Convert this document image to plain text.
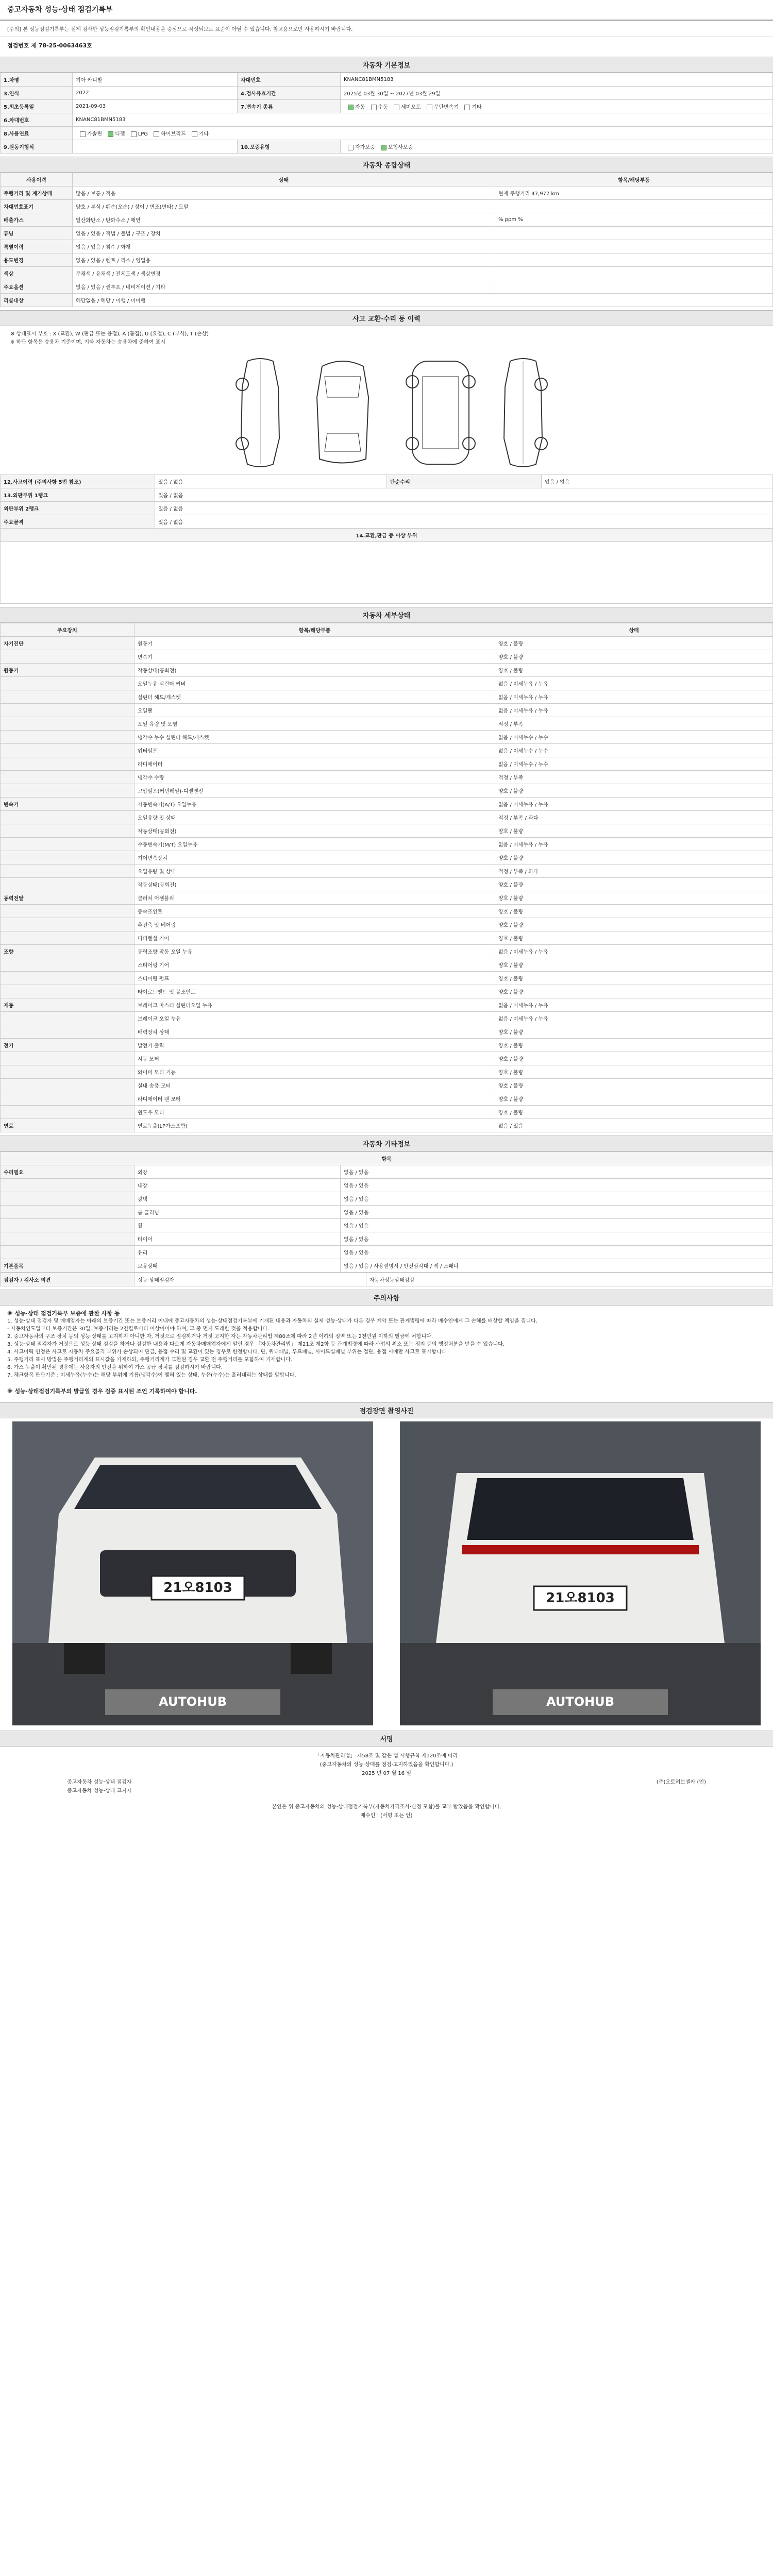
중고자동차 성능·상태 점검기록부
[주의] 본 성능점검기록부는 실제 검사한 성능점검기록부의 확인내용을 중심으로 작성되므로 표준이 아닐 수 있습니다. 참고용으로만 사용하시기 바랍니다.
점검번호 제 78-25-0063463호
자동차 기본정보
1.차명	기아 카니발	차대번호	KNANC81BMN5183
3.연식	2022	4.검사유효기간	2025년 03월 30일 ~ 2027년 03월 29일
5.최초등록일	2021-09-03	7.변속기 종류	자동 수동 세미오토 무단변속기 기타
6.차대번호	KNANC81BMN5183		
8.사용연료	가솔린 디젤 LPG 하이브리드 기타		
9.원동기형식		10.보증유형	자가보증 보험사보증
자동차 종합상태
사용이력	상태	항목/해당부품
주행거리 및 계기상태	많음 / 보통 / 적음	현재 주행거리 47,977 km
차대번호표기	양호 / 부식 / 훼손(오손) / 상이 / 변조(변타) / 도말	
배출가스	일산화탄소 / 탄화수소 / 매연	% ppm %
튜닝	없음 / 있음 / 적법 / 불법 / 구조 / 장치	
특별이력	없음 / 있음 / 침수 / 화재	
용도변경	없음 / 있음 / 렌트 / 리스 / 영업용	
색상	무채색 / 유채색 / 전체도색 / 색상변경	
주요옵션	없음 / 있음 / 썬루프 / 네비게이션 / 기타	
리콜대상	해당없음 / 해당 / 이행 / 미이행	
사고 교환·수리 등 이력
※ 상태표시 부호 : X (교환), W (판금 또는 용접), A (흠집), U (요철), C (부식), T (손상)
※ 하단 항목은 승용차 기준이며, 기타 자동차는 승용차에 준하여 표시
12.사고이력 (주의사항 5번 참조)	있음 / 없음	단순수리	있음 / 없음
13.외판부위 1랭크	있음 / 없음		
외판부위 2랭크	있음 / 없음		
주요골격	있음 / 없음		
14.교환,판금 등 이상 부위			

자동차 세부상태
주요장치	항목/해당부품	상태
자기진단	원동기	양호 / 불량
	변속기	양호 / 불량
원동기	작동상태(공회전)	양호 / 불량
	오일누유 실린더 커버	없음 / 미세누유 / 누유
	실린더 헤드/개스켓	없음 / 미세누유 / 누유
	오일팬	없음 / 미세누유 / 누유
	오일 유량 및 오염	적정 / 부족
	냉각수 누수 실린더 헤드/개스켓	없음 / 미세누수 / 누수
	워터펌프	없음 / 미세누수 / 누수
	라디에이터	없음 / 미세누수 / 누수
	냉각수 수량	적정 / 부족
	고압펌프(커먼레일)-디젤엔진	양호 / 불량
변속기	자동변속기(A/T) 오일누유	없음 / 미세누유 / 누유
	오일유량 및 상태	적정 / 부족 / 과다
	작동상태(공회전)	양호 / 불량
	수동변속기(M/T) 오일누유	없음 / 미세누유 / 누유
	기어변속장치	양호 / 불량
	오일유량 및 상태	적정 / 부족 / 과다
	작동상태(공회전)	양호 / 불량
동력전달	클러치 어셈블리	양호 / 불량
	등속조인트	양호 / 불량
	추진축 및 베어링	양호 / 불량
	디퍼렌셜 기어	양호 / 불량
조향	동력조향 작동 오일 누유	없음 / 미세누유 / 누유
	스티어링 기어	양호 / 불량
	스티어링 펌프	양호 / 불량
	타이로드엔드 및 볼조인트	양호 / 불량
제동	브레이크 마스터 실린더오일 누유	없음 / 미세누유 / 누유
	브레이크 오일 누유	없음 / 미세누유 / 누유
	배력장치 상태	양호 / 불량
전기	발전기 출력	양호 / 불량
	시동 모터	양호 / 불량
	와이퍼 모터 기능	양호 / 불량
	실내 송풍 모터	양호 / 불량
	라디에이터 팬 모터	양호 / 불량
	윈도우 모터	양호 / 불량
연료	연료누출(LP가스포함)	없음 / 있음
자동차 기타정보
항목		
수리필요	외장	없음 / 있음
	내장	없음 / 있음
	광택	없음 / 있음
	룸 클리닝	없음 / 있음
	휠	없음 / 있음
	타이어	없음 / 있음
	유리	없음 / 있음
기본품목	보유상태	없음 / 있음 / 사용설명서 / 안전삼각대 / 잭 / 스패너
점검자 / 검사소 의견	성능·상태점검자	자동차성능상태점검
주의사항
※ 성능·상태 점검기록부 보증에 관한 사항 등
1. 성능·상태 점검자 및 매매업자는 아래의 보증기간 또는 보증거리 이내에 중고자동차의 성능·상태점검기록부에 기재된 내용과 자동차의 실제 성능·상태가 다른 경우 계약 또는 관계법령에 따라 매수인에게 그 손해를 배상할 책임을 집니다.
- 자동차인도일부터 보증기간은 30일, 보증거리는 2천킬로미터 이상이어야 하며, 그 중 먼저 도래한 것을 적용합니다.
2. 중고자동차의 구조·장치 등의 성능·상태를 고지하지 아니한 자, 거짓으로 점검하거나 거짓 고지한 자는 자동차관리법 제80조에 따라 2년 이하의 징역 또는 2천만원 이하의 벌금에 처합니다.
3. 성능·상태 점검자가 거짓으로 성능·상태 점검을 하거나 점검한 내용과 다르게 자동차매매업자에게 알린 경우 「자동차관리법」 제21조 제2항 등 관계법령에 따라 사업의 취소 또는 정지 등의 행정처분을 받을 수 있습니다.
4. 사고이력 인정은 사고로 자동차 주요골격 부위가 손상되어 판금, 용접 수리 및 교환이 있는 경우로 한정합니다. 단, 쿼터패널, 루프패널, 사이드실패널 부위는 절단, 용접 시에만 사고로 표기합니다.
5. 주행거리 표시 방법은 주행거리계의 표시값을 기재하되, 주행거리계가 교환된 경우 교환 전 주행거리를 포함하여 기재합니다.
6. 가스 누출이 확인된 경우에는 사용자의 안전을 위하여 가스 공급 장치를 점검하시기 바랍니다.
7. 체크항목 판단기준 : 미세누유(누수)는 해당 부위에 기름(냉각수)이 맺혀 있는 상태, 누유(누수)는 흘러내리는 상태를 말합니다.
※ 성능·상태점검기록부의 발급일 경우 검증 표시된 조언 기록하여야 합니다.
점검장면 촬영사진
21오8103
AUTOHUB
21오8103
AUTOHUB
서명
「자동차관리법」 제58조 및 같은 법 시행규칙 제120조에 따라
(중고자동차의 성능·상태를 점검·고지하였음을 확인합니다.)
2025 년 07 월 16 일
중고자동차 성능·상태 점검자	(주)오토허브셀카 (인)
중고자동차 성능·상태 고지자
본인은 위 중고자동차의 성능·상태점검기록부(자동차가격조사·산정 포함)를 교부 받았음을 확인합니다.
매수인 : (서명 또는 인)
